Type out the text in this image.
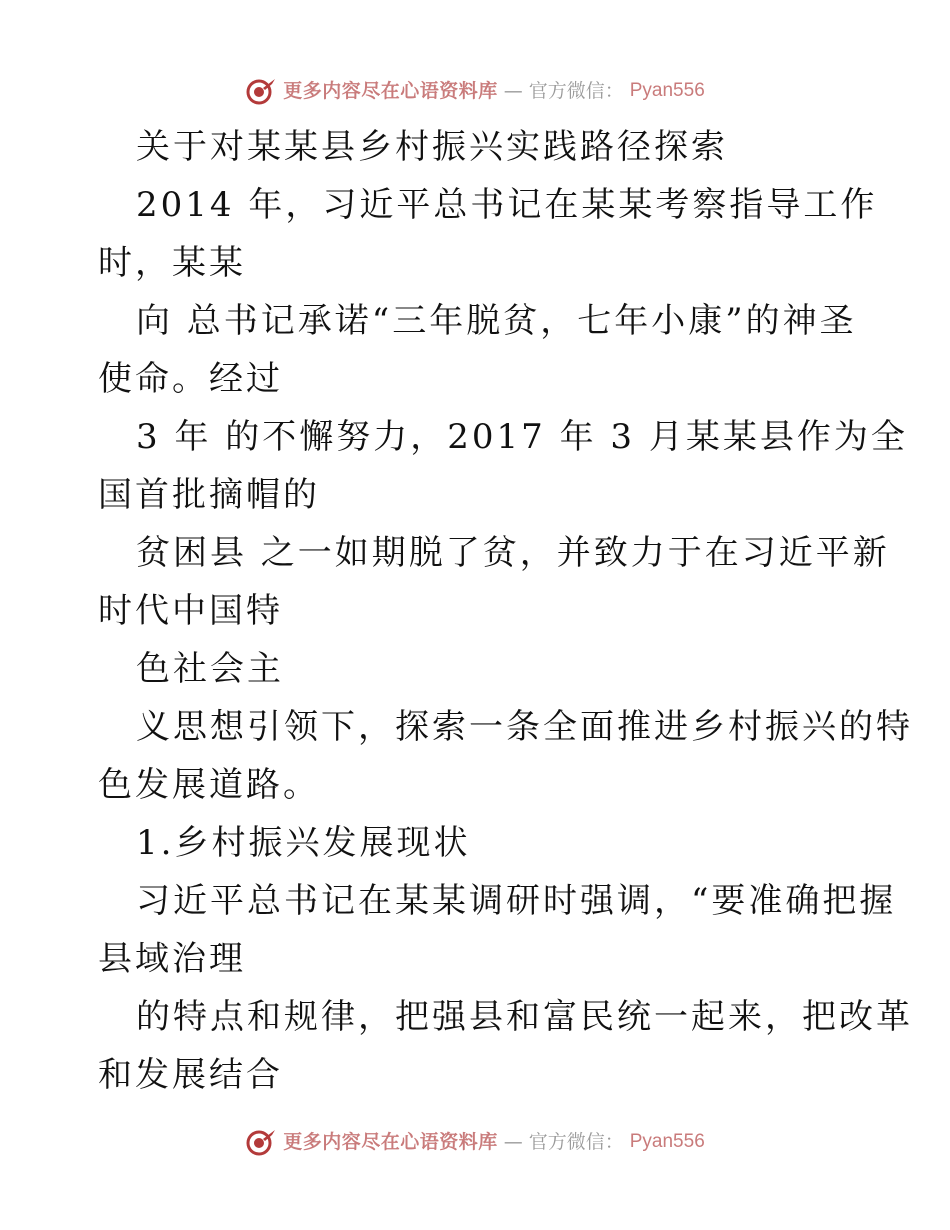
更多内容尽在心语资料库 — 官方微信： Pyan556
关于对某某县乡村振兴实践路径探索
2014 年，习近平总书记在某某考察指导工作
时，某某
向 总书记承诺“三年脱贫，七年小康”的神圣
使命。经过
3 年 的不懈努力，2017 年 3 月某某县作为全
国首批摘帽的
贫困县 之一如期脱了贫，并致力于在习近平新
时代中国特
色社会主
义思想引领下，探索一条全面推进乡村振兴的特
色发展道路。
1.乡村振兴发展现状
习近平总书记在某某调研时强调，“要准确把握
县域治理
的特点和规律，把强县和富民统一起来，把改革
和发展结合
更多内容尽在心语资料库 — 官方微信： Pyan556
